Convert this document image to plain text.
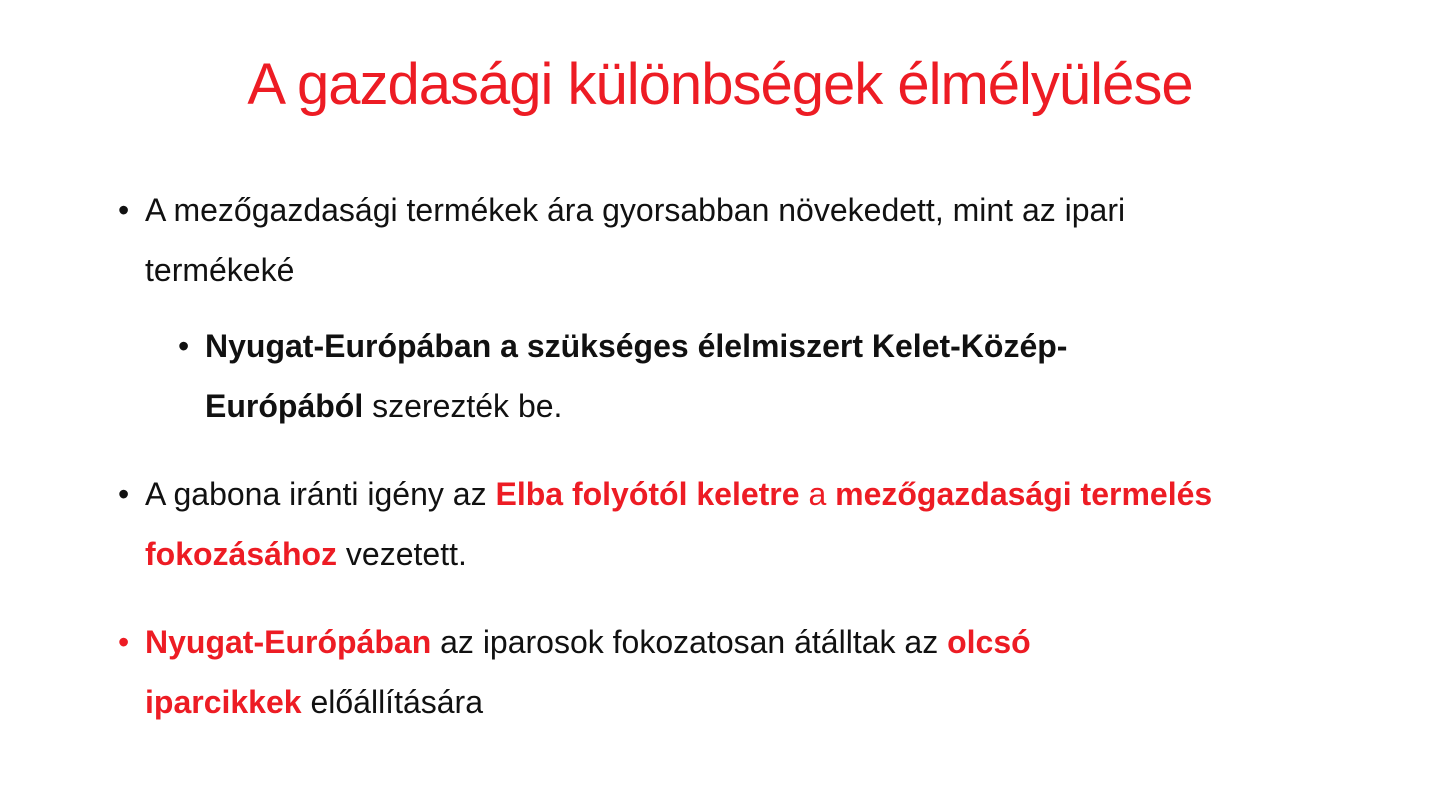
A gazdasági különbségek élmélyülése
• A mezőgazdasági termékek ára gyorsabban növekedett, mint az ipari
termékeké
• Nyugat-Európában a szükséges élelmiszert Kelet-Közép-
Európából szerezték be.
• A gabona iránti igény az Elba folyótól keletre a mezőgazdasági termelés
fokozásához vezetett.
• Nyugat-Európában az iparosok fokozatosan átálltak az olcsó
iparcikkek előállítására
